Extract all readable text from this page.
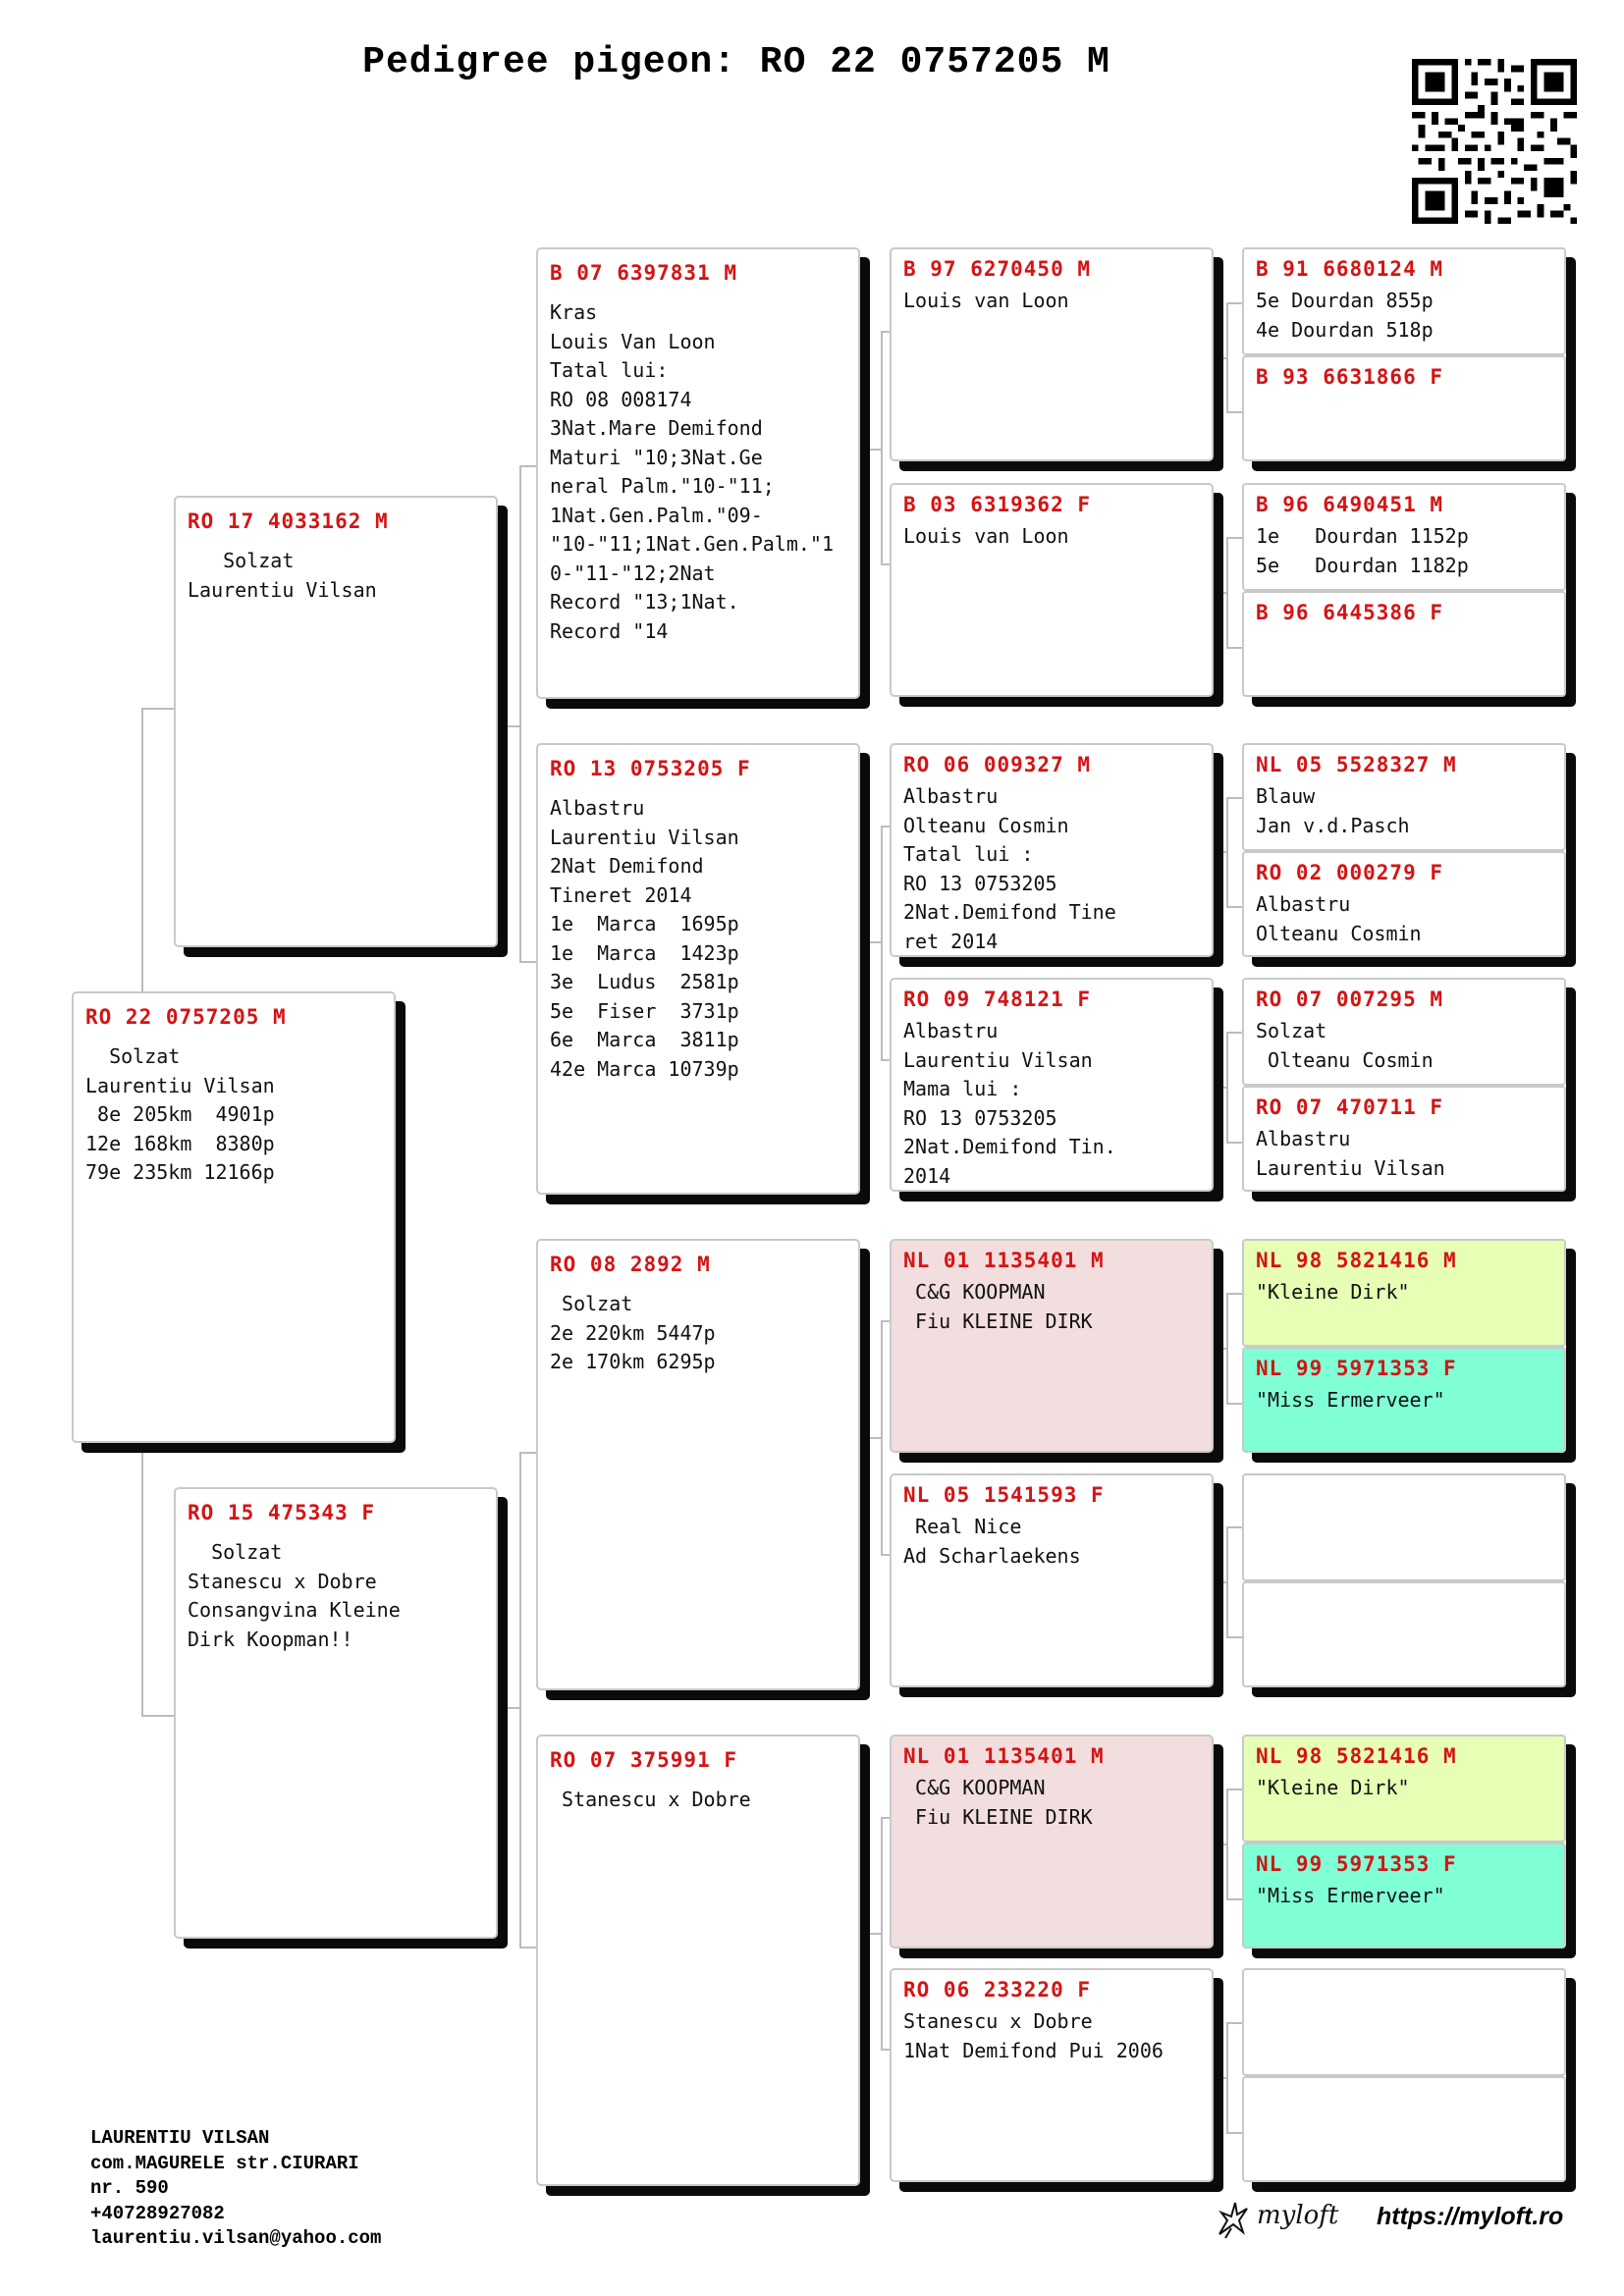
Pedigree pigeon: RO 22 0757205 M
RO 22 0757205 M
Solzat
Laurentiu Vilsan
8e 205km  4901p
12e 168km  8380p
79e 235km 12166p
RO 17 4033162 M
Solzat
Laurentiu Vilsan
RO 15 475343 F
Solzat
Stanescu x Dobre
Consangvina Kleine
Dirk Koopman!!
B 07 6397831 M
Kras
Louis Van Loon
Tatal lui:
RO 08 008174
3Nat.Mare Demifond
Maturi "10;3Nat.Ge
neral Palm."10-"11;
1Nat.Gen.Palm."09-
"10-"11;1Nat.Gen.Palm."1
0-"11-"12;2Nat
Record "13;1Nat.
Record "14
RO 13 0753205 F
Albastru
Laurentiu Vilsan
2Nat Demifond
Tineret 2014
1e  Marca  1695p
1e  Marca  1423p
3e  Ludus  2581p
5e  Fiser  3731p
6e  Marca  3811p
42e Marca 10739p
RO 08 2892 M
Solzat
2e 220km 5447p
2e 170km 6295p
RO 07 375991 F
Stanescu x Dobre
B 97 6270450 M
Louis van Loon
B 03 6319362 F
Louis van Loon
RO 06 009327 M
Albastru
Olteanu Cosmin
Tatal lui :
RO 13 0753205
2Nat.Demifond Tine
ret 2014
RO 09 748121 F
Albastru
Laurentiu Vilsan
Mama lui :
RO 13 0753205
2Nat.Demifond Tin.
2014
NL 01 1135401 M
C&G KOOPMAN
Fiu KLEINE DIRK
NL 05 1541593 F
Real Nice
Ad Scharlaekens
NL 01 1135401 M
C&G KOOPMAN
Fiu KLEINE DIRK
RO 06 233220 F
Stanescu x Dobre
1Nat Demifond Pui 2006
B 91 6680124 M
5e Dourdan 855p
4e Dourdan 518p
B 93 6631866 F
B 96 6490451 M
1e   Dourdan 1152p
5e   Dourdan 1182p
B 96 6445386 F
NL 05 5528327 M
Blauw
Jan v.d.Pasch
RO 02 000279 F
Albastru
Olteanu Cosmin
RO 07 007295 M
Solzat
Olteanu Cosmin
RO 07 470711 F
Albastru
Laurentiu Vilsan
NL 98 5821416 M
"Kleine Dirk"
NL 99 5971353 F
"Miss Ermerveer"
NL 98 5821416 M
"Kleine Dirk"
NL 99 5971353 F
"Miss Ermerveer"
LAURENTIU VILSAN
com.MAGURELE str.CIURARI
nr. 590
+40728927082
laurentiu.vilsan@yahoo.com
myloft https://myloft.ro
